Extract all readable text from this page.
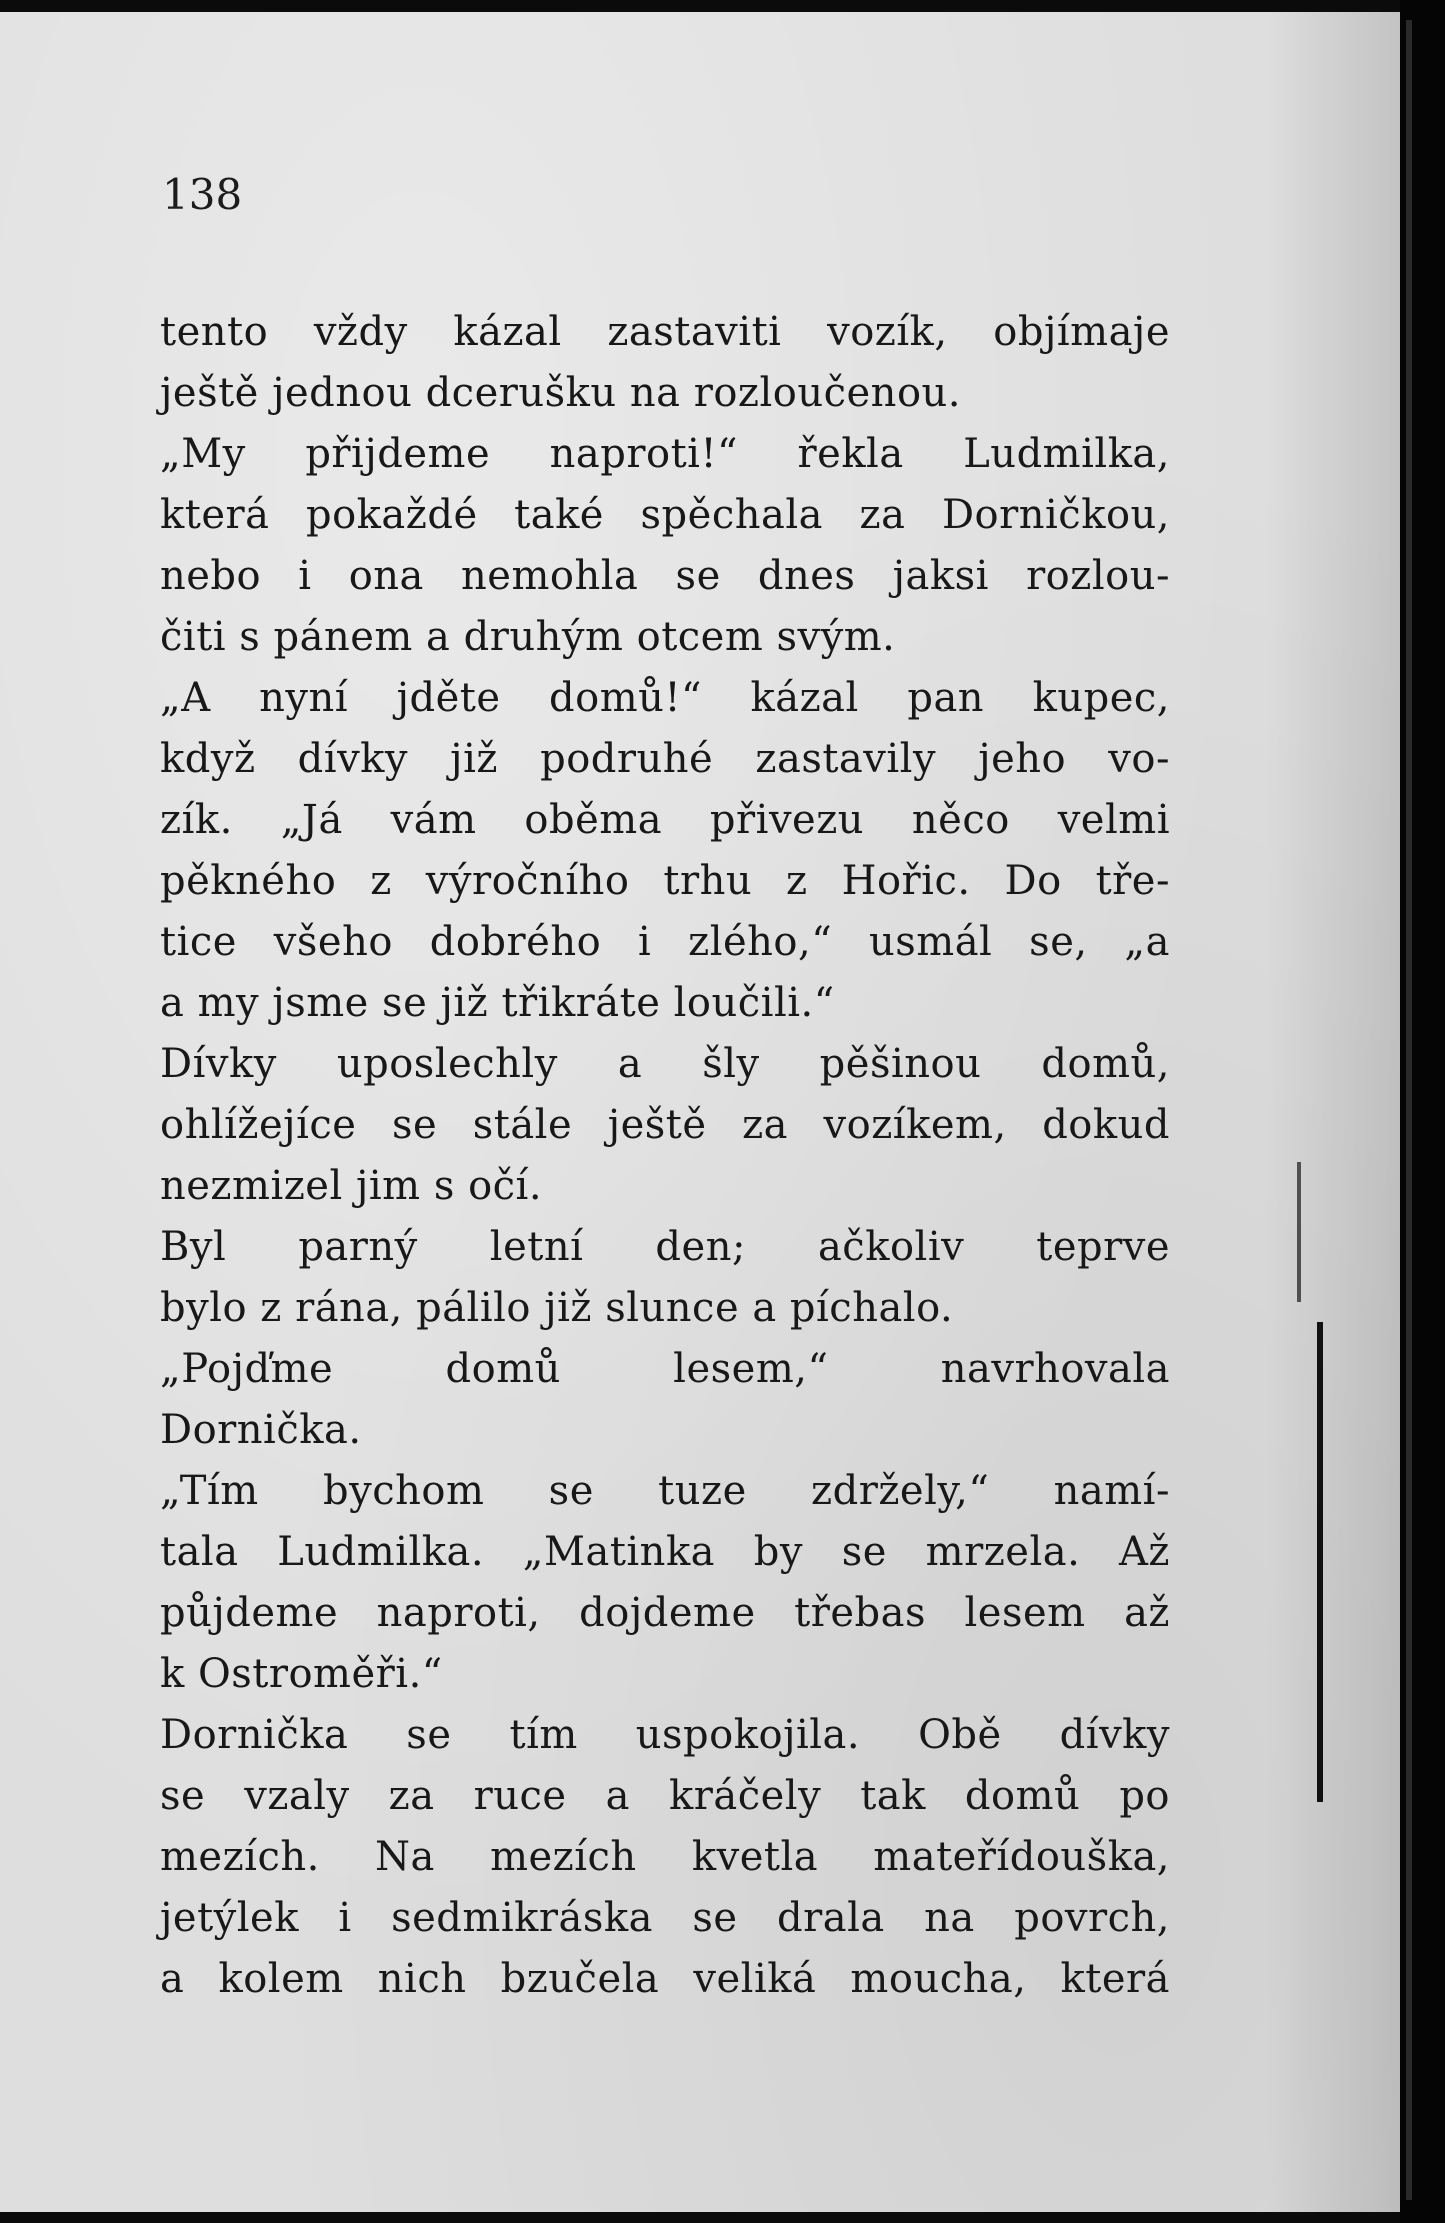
138
tento vždy kázal zastaviti vozík, objímaje
ještě jednou dcerušku na rozloučenou.
„My přijdeme naproti!“ řekla Ludmilka,
která pokaždé také spěchala za Dorničkou,
nebo i ona nemohla se dnes jaksi rozlou-
čiti s pánem a druhým otcem svým.
„A nyní jděte domů!“ kázal pan kupec,
když dívky již podruhé zastavily jeho vo-
zík. „Já vám oběma přivezu něco velmi
pěkného z výročního trhu z Hořic. Do tře-
tice všeho dobrého i zlého,“ usmál se, „a
a my jsme se již třikráte loučili.“
Dívky uposlechly a šly pěšinou domů,
ohlížejíce se stále ještě za vozíkem, dokud
nezmizel jim s očí.
Byl parný letní den; ačkoliv teprve
bylo z rána, pálilo již slunce a píchalo.
„Pojďme domů lesem,“ navrhovala
Dornička.
„Tím bychom se tuze zdržely,“ namí-
tala Ludmilka. „Matinka by se mrzela. Až
půjdeme naproti, dojdeme třebas lesem až
k Ostroměři.“
Dornička se tím uspokojila. Obě dívky
se vzaly za ruce a kráčely tak domů po
mezích. Na mezích kvetla mateřídouška,
jetýlek i sedmikráska se drala na povrch,
a kolem nich bzučela veliká moucha, která
